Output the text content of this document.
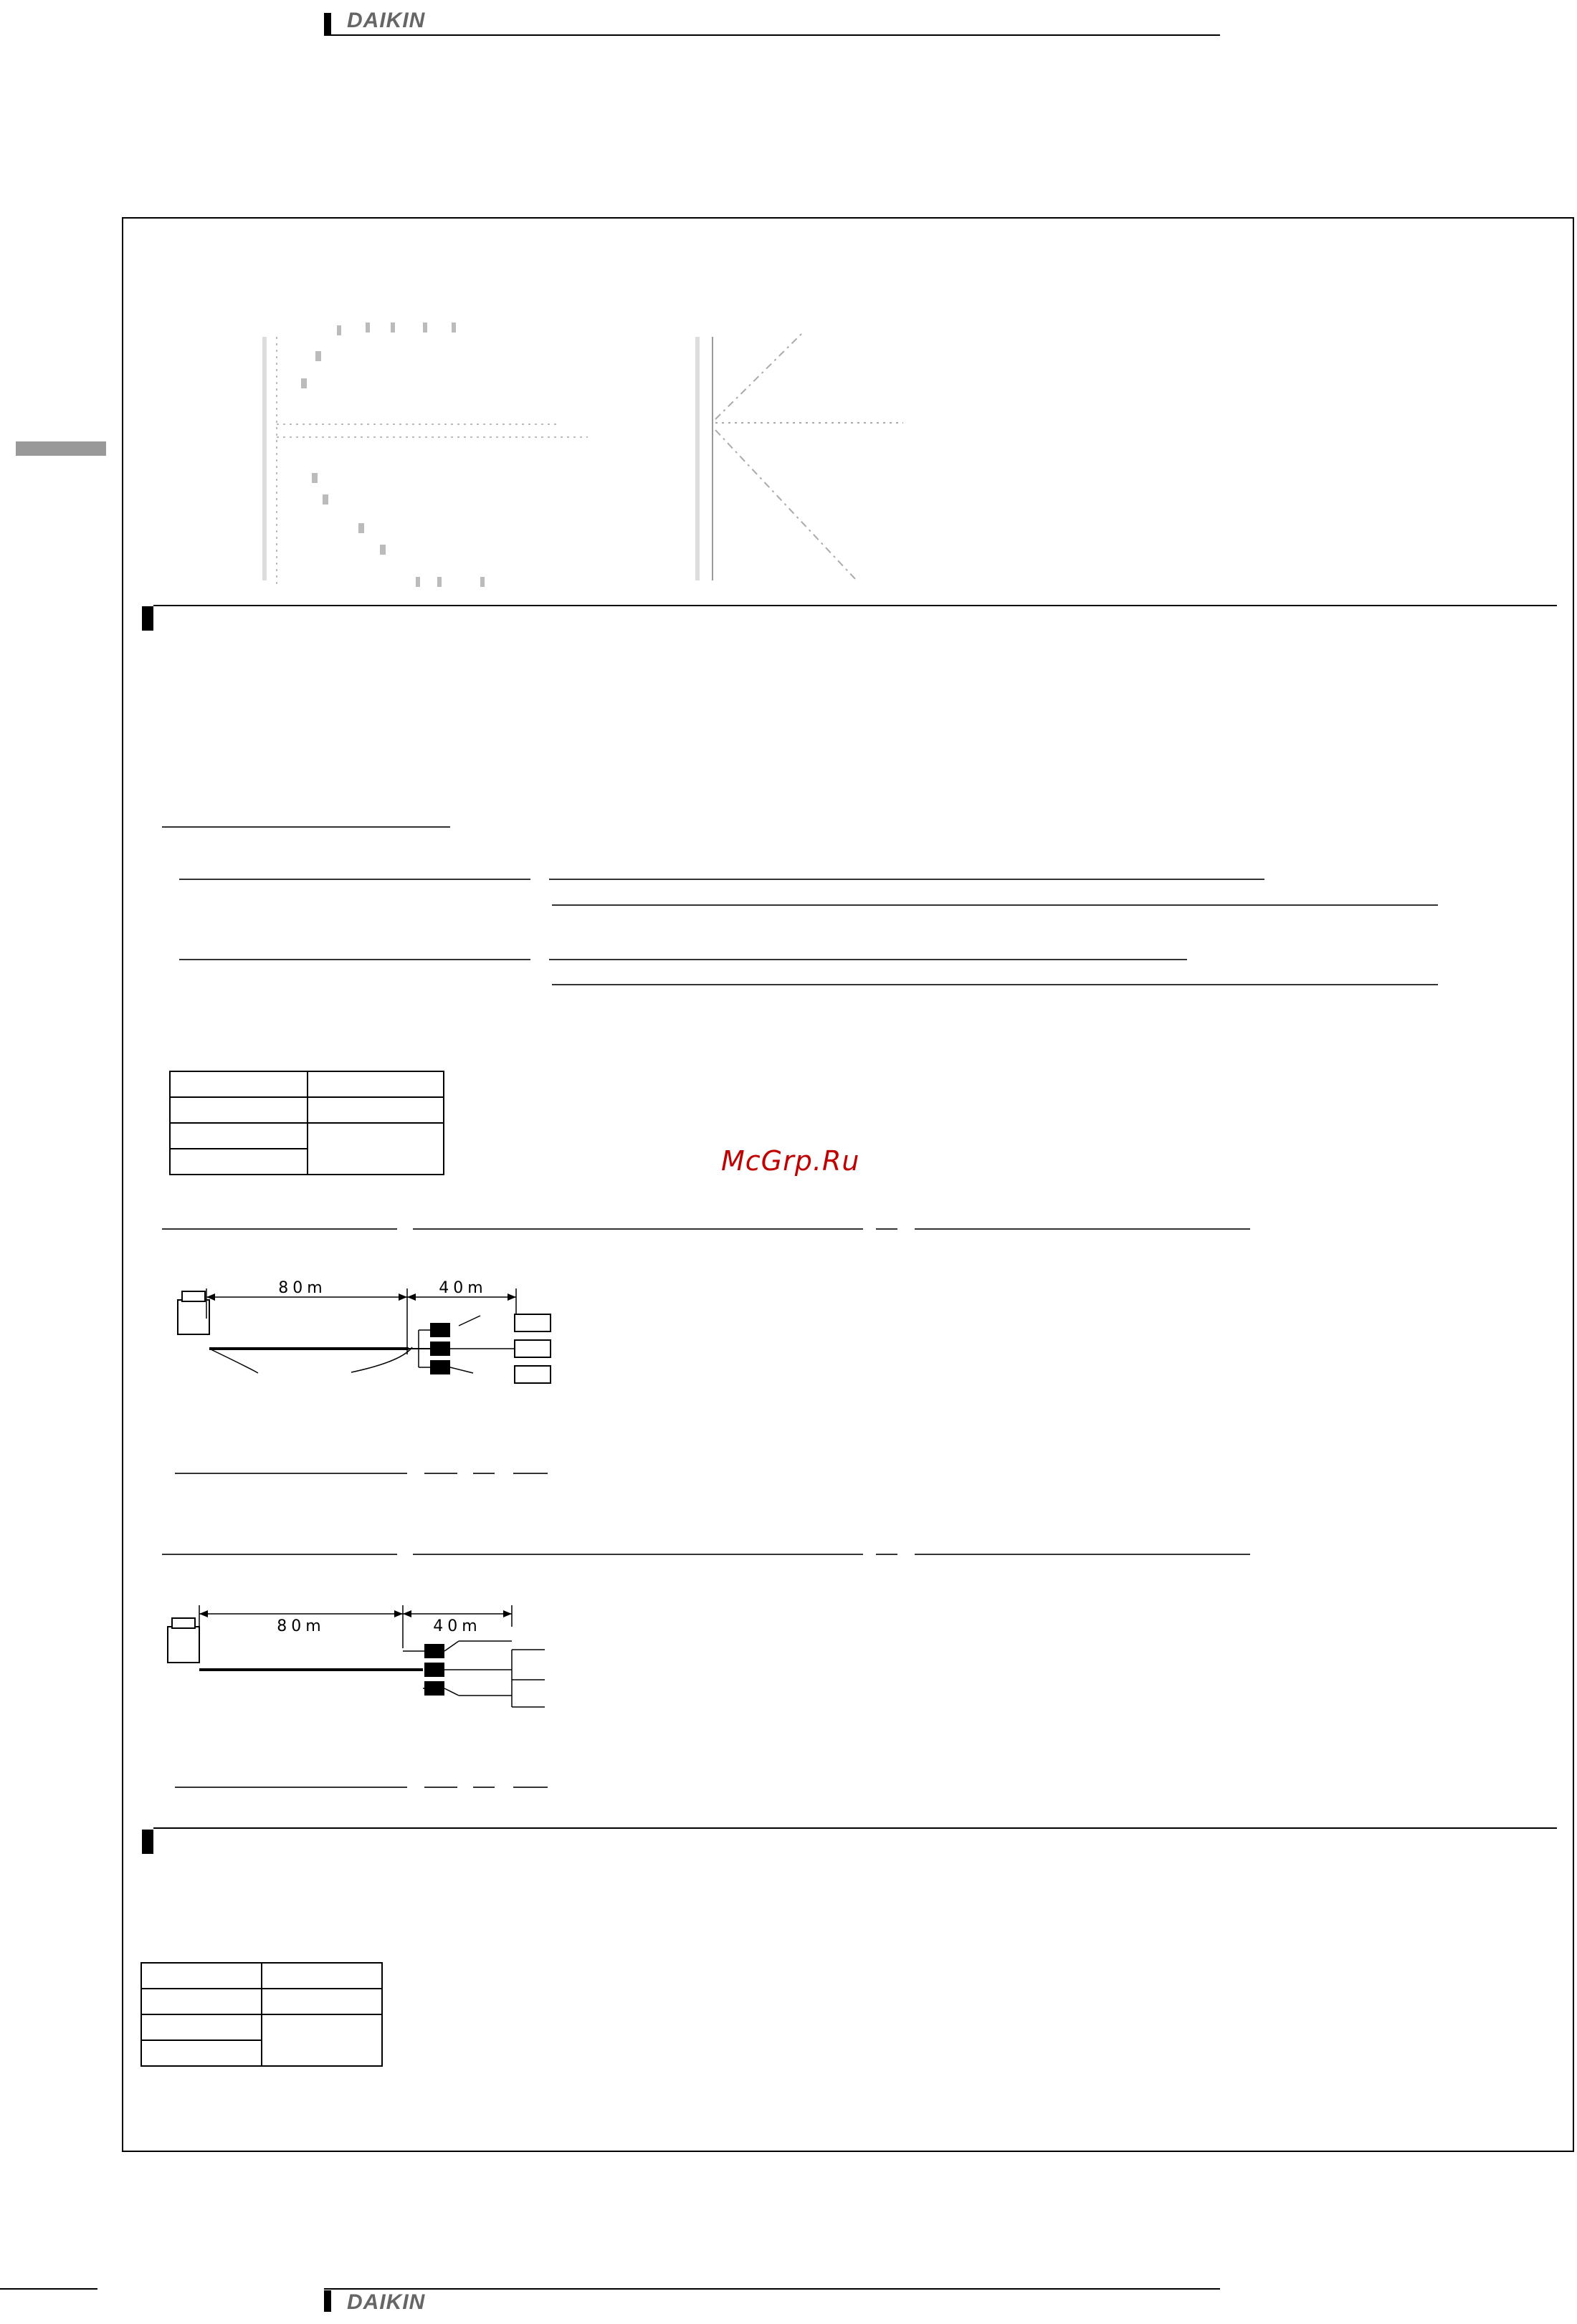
DAIKIN

McGrp.Ru
80m	40m
80m	40m

DAIKIN
